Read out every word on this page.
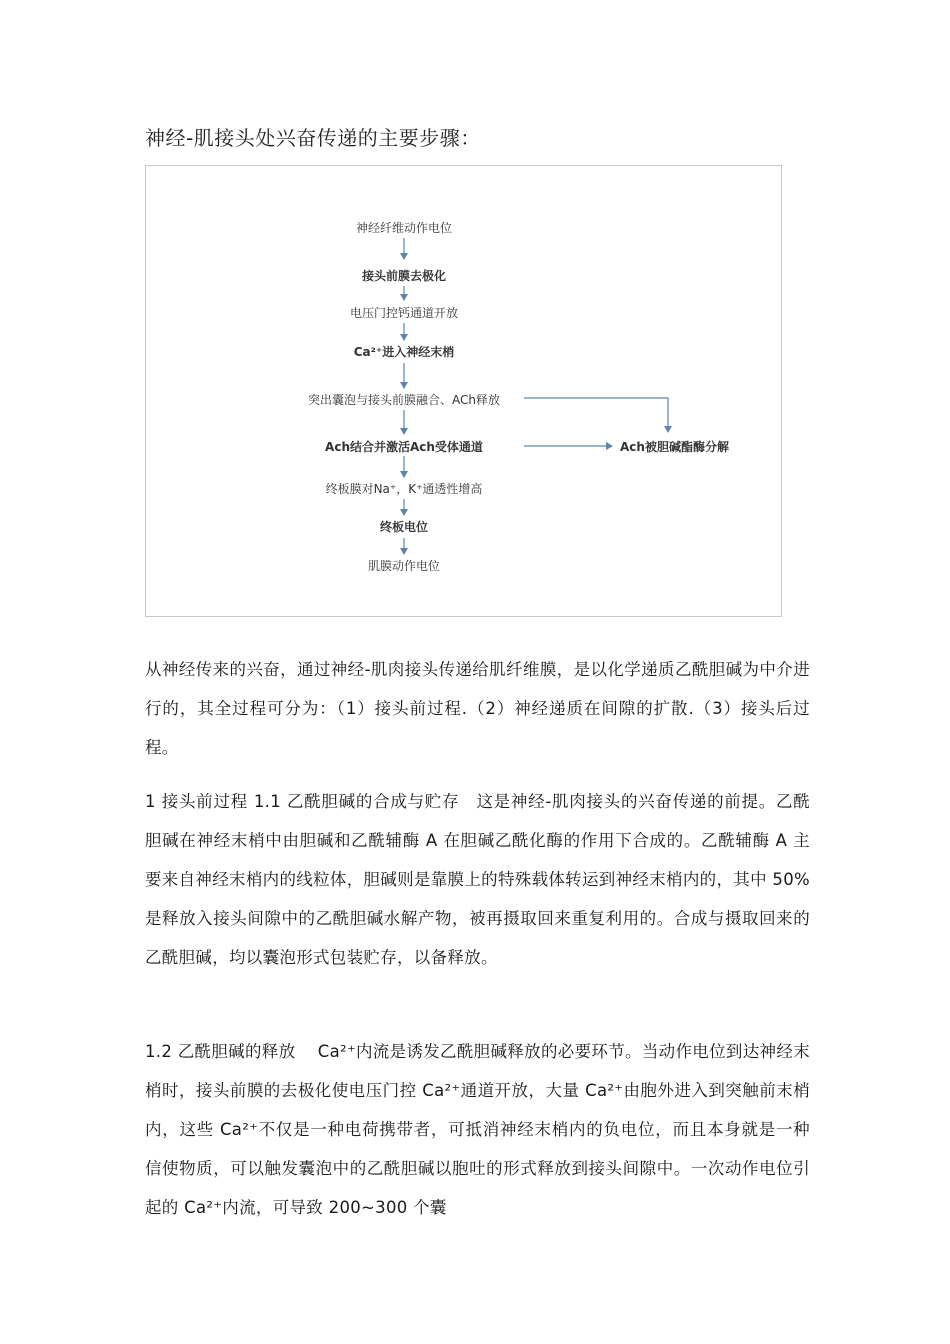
神经-肌接头处兴奋传递的主要步骤：
神经纤维动作电位
接头前膜去极化
电压门控钙通道开放
Ca²⁺进入神经末梢
突出囊泡与接头前膜融合、ACh释放
Ach结合并激活Ach受体通道
终板膜对Na⁺，K⁺通透性增高
终板电位
肌膜动作电位
Ach被胆碱酯酶分解
从神经传来的兴奋，通过神经-肌肉接头传递给肌纤维膜，是以化学递质乙酰胆碱为中介进行的，其全过程可分为：（1）接头前过程.（2）神经递质在间隙的扩散.（3）接头后过程。
1 接头前过程 1.1 乙酰胆碱的合成与贮存　这是神经-肌肉接头的兴奋传递的前提。乙酰胆碱在神经末梢中由胆碱和乙酰辅酶 A 在胆碱乙酰化酶的作用下合成的。乙酰辅酶 A 主要来自神经末梢内的线粒体，胆碱则是靠膜上的特殊载体转运到神经末梢内的，其中 50%是释放入接头间隙中的乙酰胆碱水解产物，被再摄取回来重复利用的。合成与摄取回来的乙酰胆碱，均以囊泡形式包装贮存，以备释放。
1.2 乙酰胆碱的释放　 Ca²⁺内流是诱发乙酰胆碱释放的必要环节。当动作电位到达神经末梢时，接头前膜的去极化使电压门控 Ca²⁺通道开放，大量 Ca²⁺由胞外进入到突触前末梢内，这些 Ca²⁺不仅是一种电荷携带者，可抵消神经末梢内的负电位，而且本身就是一种信使物质，可以触发囊泡中的乙酰胆碱以胞吐的形式释放到接头间隙中。一次动作电位引起的 Ca²⁺内流，可导致 200~300 个囊
